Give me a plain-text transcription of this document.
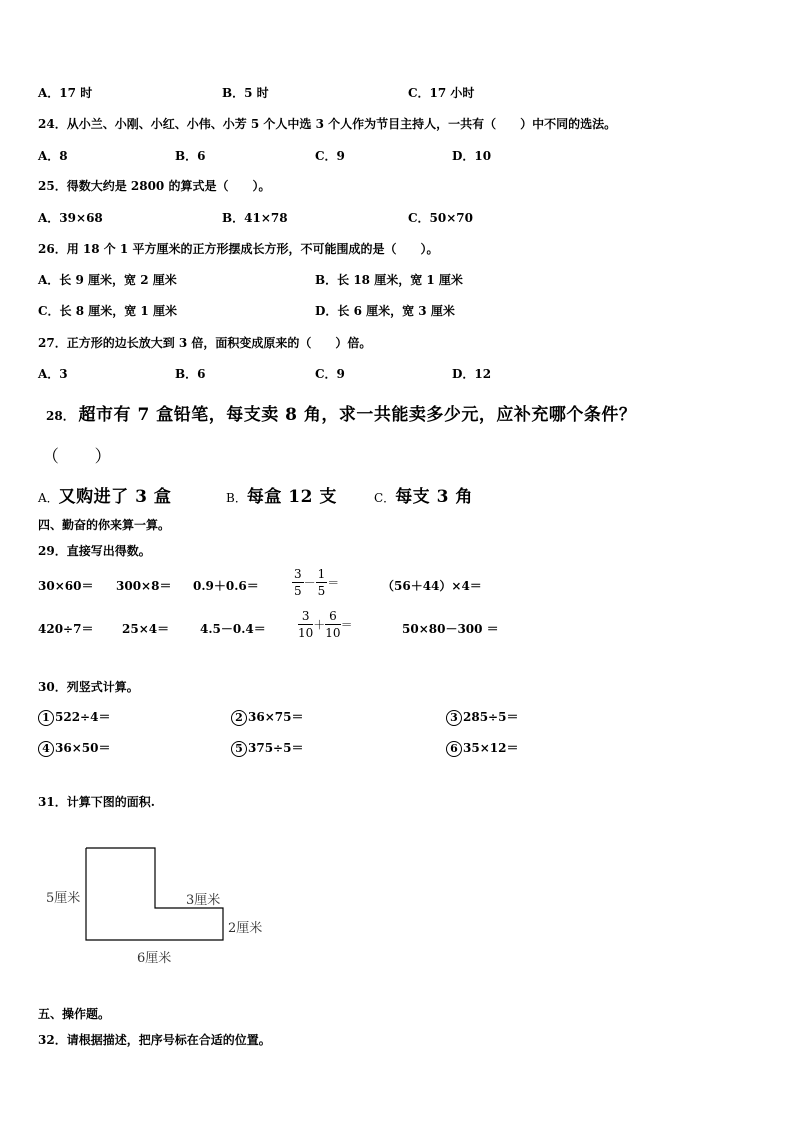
A．17 时	B．5 时	C．17 小时
24．从小兰、小刚、小红、小伟、小芳 5 个人中选 3 个人作为节目主持人，一共有（　　）中不同的选法。
A．8	B．6	C．9	D．10
25．得数大约是 2800 的算式是（　　）。
A．39×68	B．41×78	C．50×70
26．用 18 个 1 平方厘米的正方形摆成长方形，不可能围成的是（　　）。
A．长 9 厘米，宽 2 厘米	B．长 18 厘米，宽 1 厘米
C．长 8 厘米，宽 1 厘米	D．长 6 厘米，宽 3 厘米
27．正方形的边长放大到 3 倍，面积变成原来的（　　）倍。
A．3	B．6	C．9	D．12
28． 超市有 7 盒铅笔，每支卖 8 角，求一共能卖多少元，应补充哪个条件？
（　　）
A．又购进了 3 盒	B．每盒 12 支	C．每支 3 角
四、勤奋的你来算一算。
29．直接写出得数。
30×60＝ 300×8＝ 0.9＋0.6＝	$\frac{3}{5} - \frac{1}{5}$ ＝	（56＋44）×4＝
420÷7＝ 25×4＝	4.5－0.4＝	$\frac{3}{10} + \frac{6}{10}$ ＝	50×80－300 ＝
30．列竖式计算。
1 522÷4＝	2 36×75＝	3 285÷5＝
4 36×50＝	5 375÷5＝	6 35×12＝
31．计算下图的面积.
5厘米	3厘米
2厘米
6厘米
五、操作题。
32．请根据描述，把序号标在合适的位置。
